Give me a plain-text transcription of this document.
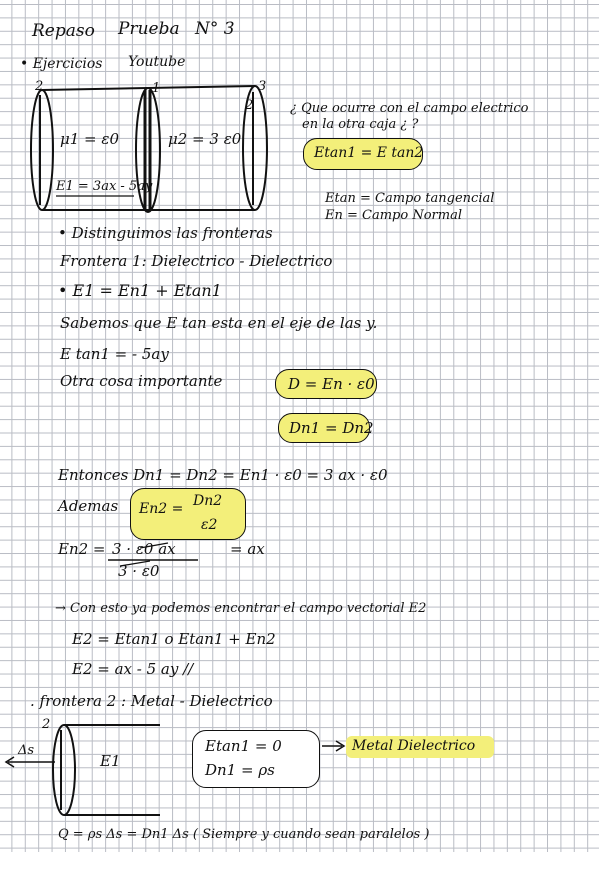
Repaso Prueba N° 3
• Ejercicios Youtube
2	1	3
2
𝜇1 = ε0	𝜇2 = 3 ε0
E1 = 3ax - 5ay
¿ Que ocurre con el campo electrico
en la otra caja ¿ ?
Etan1 = E tan2
Etan = Campo tangencial
En = Campo Normal
• Distinguimos las fronteras
Frontera 1: Dielectrico - Dielectrico
• E1 = En1 + Etan1
Sabemos que E tan esta en el eje de las y.
E tan1 = - 5ay
Otra cosa importante	D = En · ε0
Dn1 = Dn2
Entonces Dn1 = Dn2 = En1 · ε0 = 3 ax · ε0
Ademas En2 = Dn2
ε2
En2 = 3 · ε0 ax
3 · ε0
= ax
→ Con esto ya podemos encontrar el campo vectorial E2
E2 = Etan1 o Etan1 + En2
E2 = ax - 5 ay //
. frontera 2 : Metal - Dielectrico
2
Δs
E1
Etan1 = 0
Dn1 = ρs
Metal Dielectrico
Q = ρs Δs = Dn1 Δs ( Siempre y cuando sean paralelos )
